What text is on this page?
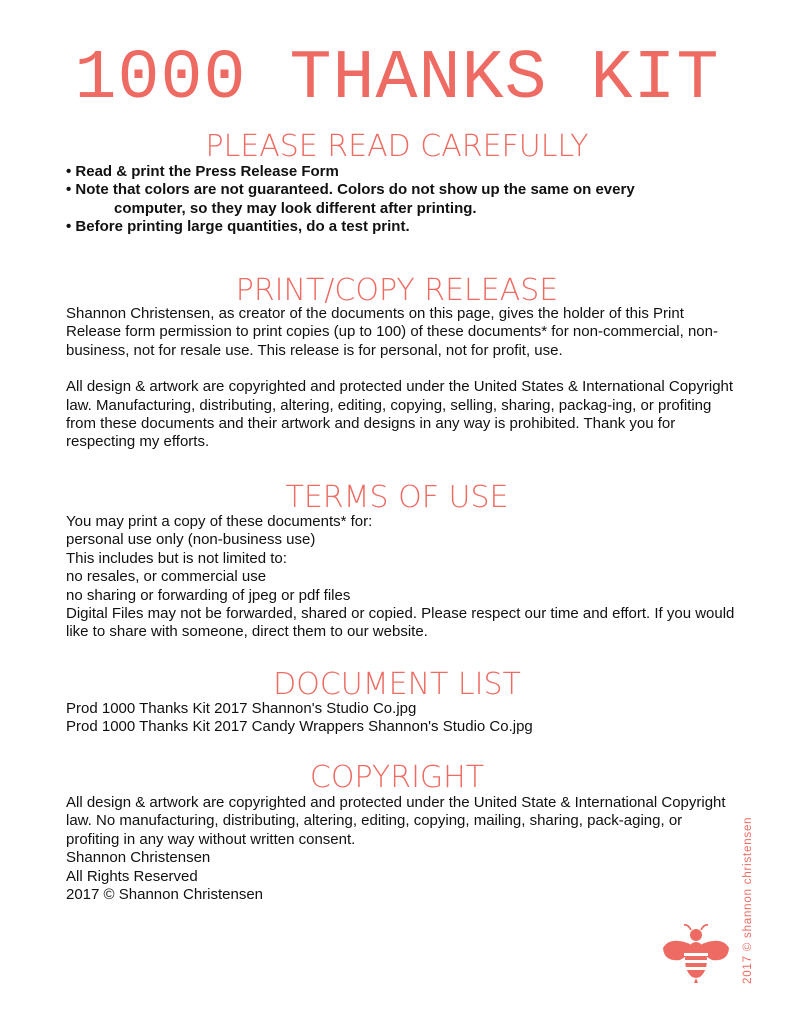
1000 THANKS KIT
PLEASE READ CAREFULLY
• Read & print the Press Release Form
• Note that colors are not guaranteed. Colors do not show up the same on every
computer, so they may look different after printing.
• Before printing large quantities, do a test print.
PRINT/COPY RELEASE

Shannon Christensen, as creator of the documents on this page, gives the holder of this Print Release form permission to print copies (up to 100) of these documents* for non-commercial, non-business, not for resale use. This release is for personal, not for profit, use.

All design & artwork are copyrighted and protected under the United States & International Copyright law. Manufacturing, distributing, altering, editing, copying, selling, sharing, packag-ing, or profiting from these documents and their artwork and designs in any way is prohibited. Thank you for respecting my efforts.

TERMS OF USE
You may print a copy of these documents* for:
personal use only (non-business use)
This includes but is not limited to:
no resales, or commercial use
no sharing or forwarding of jpeg or pdf files
Digital Files may not be forwarded, shared or copied. Please respect our time and effort. If you would like to share with someone, direct them to our website.
DOCUMENT LIST
Prod 1000 Thanks Kit 2017 Shannon's Studio Co.jpg
Prod 1000 Thanks Kit 2017 Candy Wrappers Shannon's Studio Co.jpg
COPYRIGHT

All design & artwork are copyrighted and protected under the United State & International Copyright law. No manufacturing, distributing, altering, editing, copying, mailing, sharing, pack-aging, or profiting in any way without written consent.

Shannon Christensen
All Rights Reserved
2017 © Shannon Christensen	2017 © shannon christensen
